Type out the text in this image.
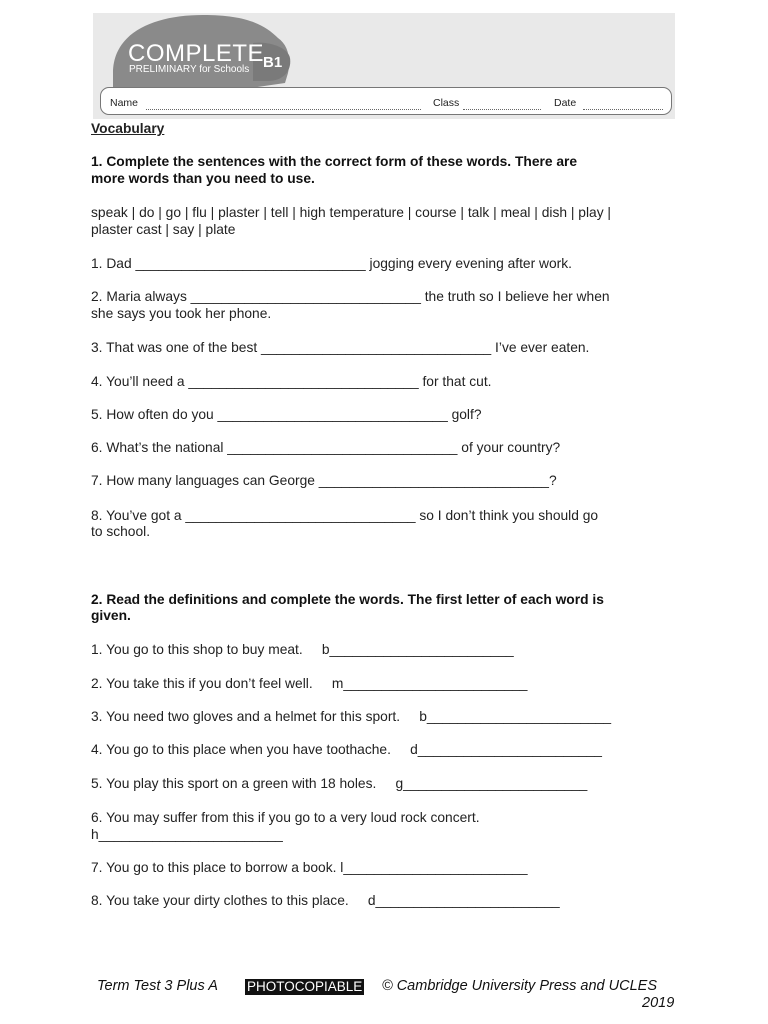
COMPLETE
PRELIMINARY for Schools B1
Name	Class	Date
Vocabulary
1. Complete the sentences with the correct form of these words. There are
more words than you need to use.
speak | do | go | flu | plaster | tell | high temperature | course | talk | meal | dish | play |
plaster cast | say | plate
1. Dad ______________________________ jogging every evening after work.
2. Maria always ______________________________ the truth so I believe her when
she says you took her phone.
3. That was one of the best ______________________________ I’ve ever eaten.
4. You’ll need a ______________________________ for that cut.
5. How often do you ______________________________ golf?
6. What’s the national ______________________________ of your country?
7. How many languages can George ______________________________?
8. You’ve got a ______________________________ so I don’t think you should go
to school.
2. Read the definitions and complete the words. The first letter of each word is
given.
1. You go to this shop to buy meat.     b________________________
2. You take this if you don’t feel well.     m________________________
3. You need two gloves and a helmet for this sport.     b________________________
4. You go to this place when you have toothache.     d________________________
5. You play this sport on a green with 18 holes.     g________________________
6. You may suffer from this if you go to a very loud rock concert.
h________________________
7. You go to this place to borrow a book. l________________________
8. You take your dirty clothes to this place.     d________________________
Term Test 3 Plus A PHOTOCOPIABLE © Cambridge University Press and UCLES
2019
